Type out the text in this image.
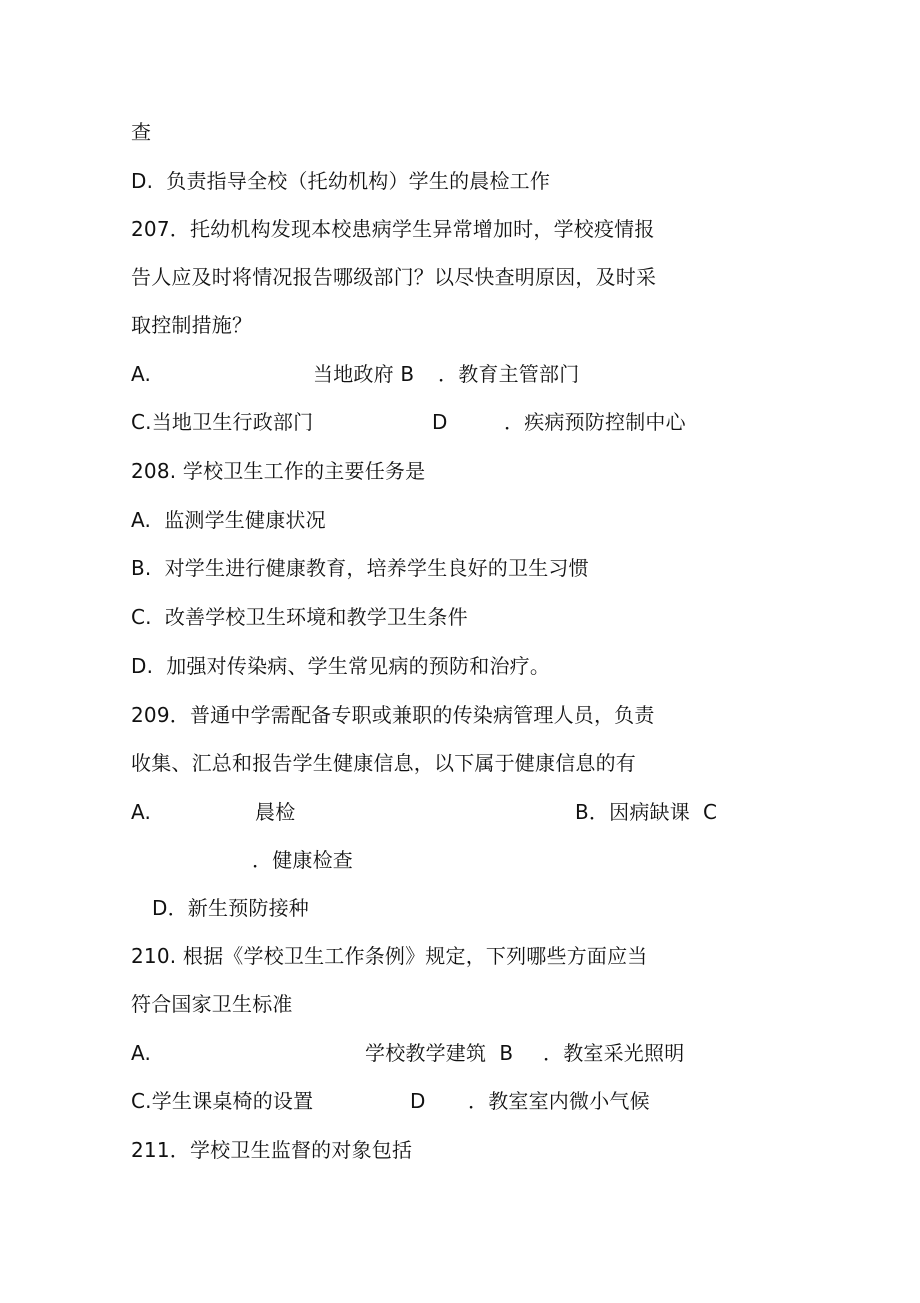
查
D.  负责指导全校（托幼机构）学生的晨检工作
207．托幼机构发现本校患病学生异常增加时，学校疫情报
告人应及时将情况报告哪级部门？以尽快查明原因，及时采
取控制措施？
A.	当地政府 B ．教育主管部门
C.当地卫生行政部门	D	．疾病预防控制中心
208. 学校卫生工作的主要任务是
A.  监测学生健康状况
B.  对学生进行健康教育，培养学生良好的卫生习惯
C.  改善学校卫生环境和教学卫生条件
D.  加强对传染病、学生常见病的预防和治疗。
209．普通中学需配备专职或兼职的传染病管理人员，负责
收集、汇总和报告学生健康信息，以下属于健康信息的有
A.	晨检	B．因病缺课  C
．健康检查
D．新生预防接种
210. 根据《学校卫生工作条例》规定，下列哪些方面应当
符合国家卫生标准
A.	学校教学建筑  B ．教室采光照明
C.学生课桌椅的设置	D ．教室室内微小气候
211．学校卫生监督的对象包括
